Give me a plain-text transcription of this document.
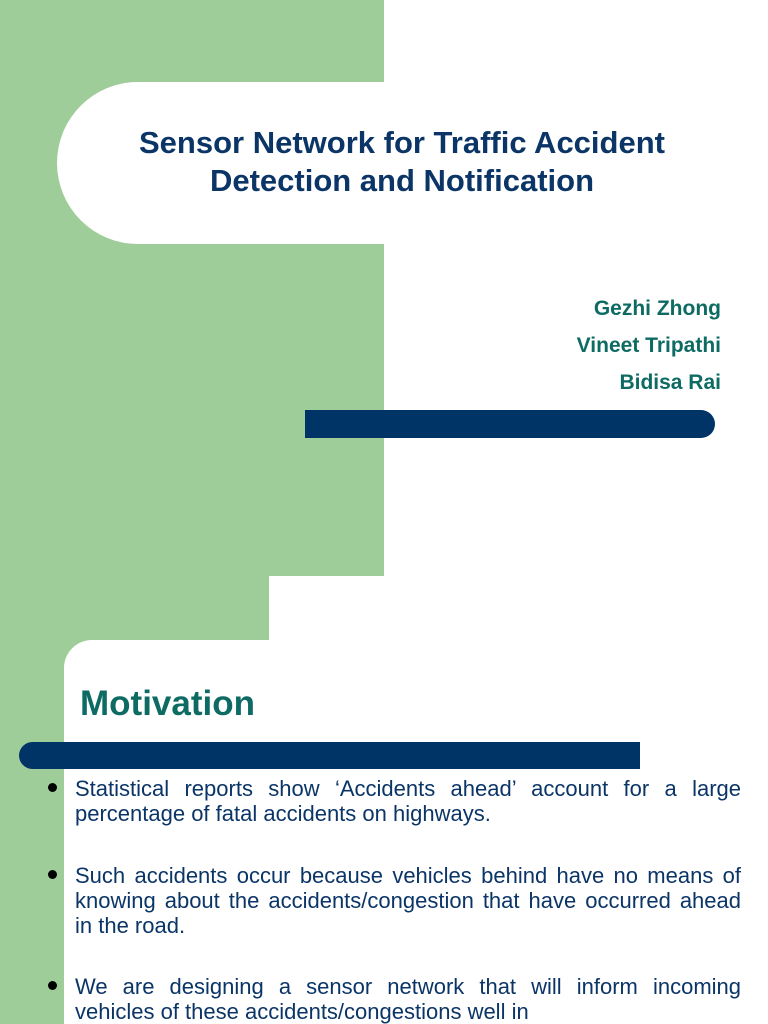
Sensor Network for Traffic Accident Detection and Notification
Gezhi Zhong
Vineet Tripathi
Bidisa Rai
Motivation

Statistical reports show ‘Accidents ahead’ account for a large percentage of fatal accidents on highways.

Such accidents occur because vehicles behind have no means of knowing about the accidents/congestion that have occurred ahead in the road.

We are designing a sensor network that will inform incoming vehicles of these accidents/congestions well in
